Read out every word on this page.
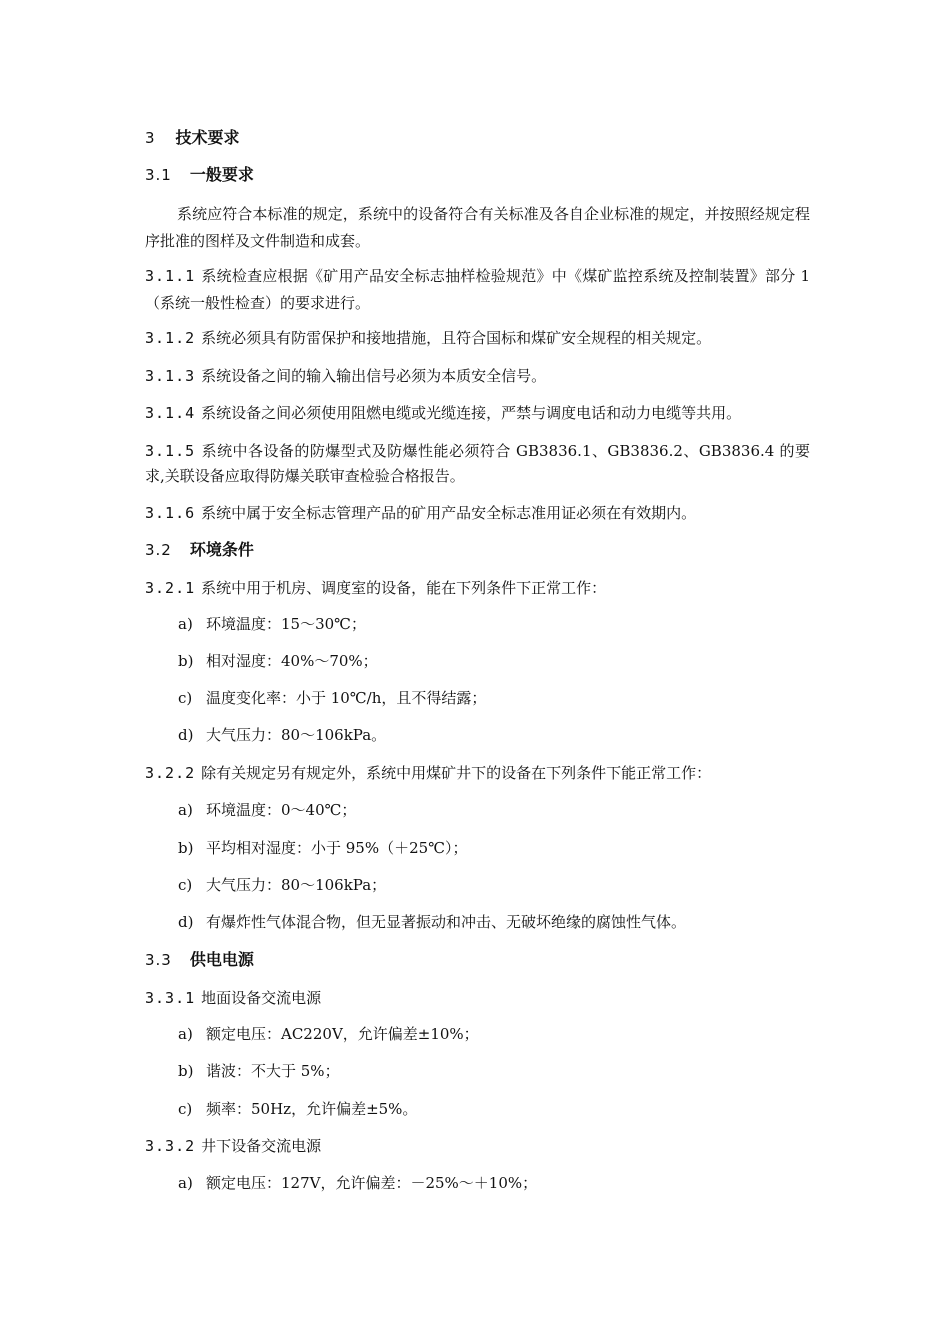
3 技术要求
3.1 一般要求
系统应符合本标准的规定，系统中的设备符合有关标准及各自企业标准的规定，并按照经规定程序批准的图样及文件制造和成套。
3.1.1 系统检查应根据《矿用产品安全标志抽样检验规范》中《煤矿监控系统及控制装置》部分 1（系统一般性检查）的要求进行。
3.1.2 系统必须具有防雷保护和接地措施，且符合国标和煤矿安全规程的相关规定。
3.1.3 系统设备之间的输入输出信号必须为本质安全信号。
3.1.4 系统设备之间必须使用阻燃电缆或光缆连接，严禁与调度电话和动力电缆等共用。
3.1.5 系统中各设备的防爆型式及防爆性能必须符合 GB3836.1、GB3836.2、GB3836.4 的要求,关联设备应取得防爆关联审查检验合格报告。
3.1.6 系统中属于安全标志管理产品的矿用产品安全标志准用证必须在有效期内。
3.2 环境条件
3.2.1 系统中用于机房、调度室的设备，能在下列条件下正常工作：
a) 环境温度：15～30℃；
b) 相对湿度：40%～70%；
c) 温度变化率：小于 10℃/h，且不得结露；
d) 大气压力：80～106kPa。
3.2.2 除有关规定另有规定外，系统中用煤矿井下的设备在下列条件下能正常工作：
a) 环境温度：0～40℃；
b) 平均相对湿度：小于 95%（＋25℃）；
c) 大气压力：80～106kPa；
d) 有爆炸性气体混合物，但无显著振动和冲击、无破坏绝缘的腐蚀性气体。
3.3 供电电源
3.3.1 地面设备交流电源
a) 额定电压：AC220V，允许偏差±10%；
b) 谐波：不大于 5%；
c) 频率：50Hz，允许偏差±5%。
3.3.2 井下设备交流电源
a) 额定电压：127V，允许偏差：－25%～＋10%；
